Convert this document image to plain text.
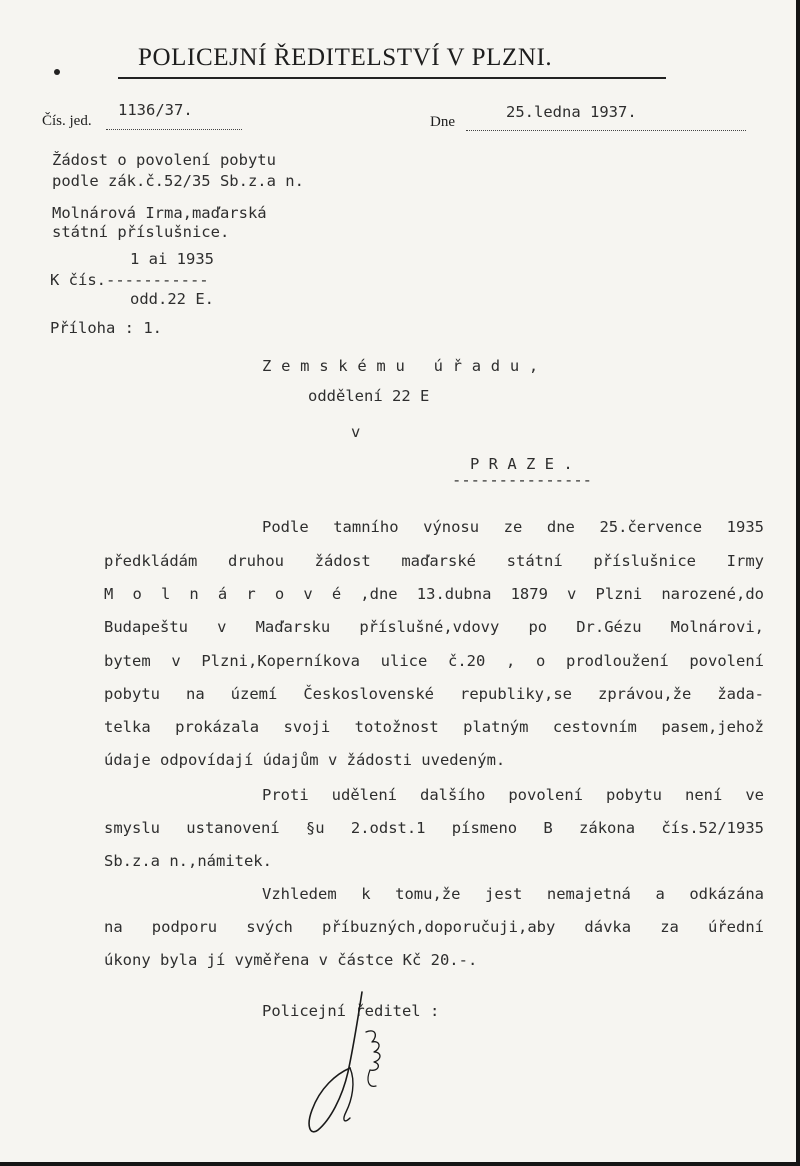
POLICEJNÍ ŘEDITELSTVÍ V PLZNI.
Čís. jed.
1136/37.
Dne
25.ledna 1937.
Žádost o povolení pobytu
podle zák.č.52/35 Sb.z.a n.
Molnárová Irma,maďarská
státní příslušnice.
1 ai 1935
K čís.-----------
odd.22 E.
Příloha : 1.
Z e m s k é m u   ú ř a d u ,
oddělení 22 E
v
P R A Z E .
---------------
Podle tamního výnosu ze dne 25.července 1935
předkládám druhou žádost maďarské státní příslušnice Irmy
M o l n á r o v é ,dne 13.dubna 1879 v Plzni narozené,do
Budapeštu v Maďarsku příslušné,vdovy po Dr.Gézu Molnárovi,
bytem v Plzni,Koperníkova ulice č.20 , o prodloužení povolení
pobytu na území Československé republiky,se zprávou,že žada-
telka prokázala svoji totožnost platným cestovním pasem,jehož
údaje odpovídají údajům v žádosti uvedeným.
Proti udělení dalšího povolení pobytu není ve
smyslu ustanovení §u 2.odst.1 písmeno B zákona čís.52/1935
Sb.z.a n.,námitek.
Vzhledem k tomu,že jest nemajetná a odkázána
na podporu svých příbuzných,doporučuji,aby dávka za úřední
úkony byla jí vyměřena v částce Kč 20.-.
Policejní ředitel :
